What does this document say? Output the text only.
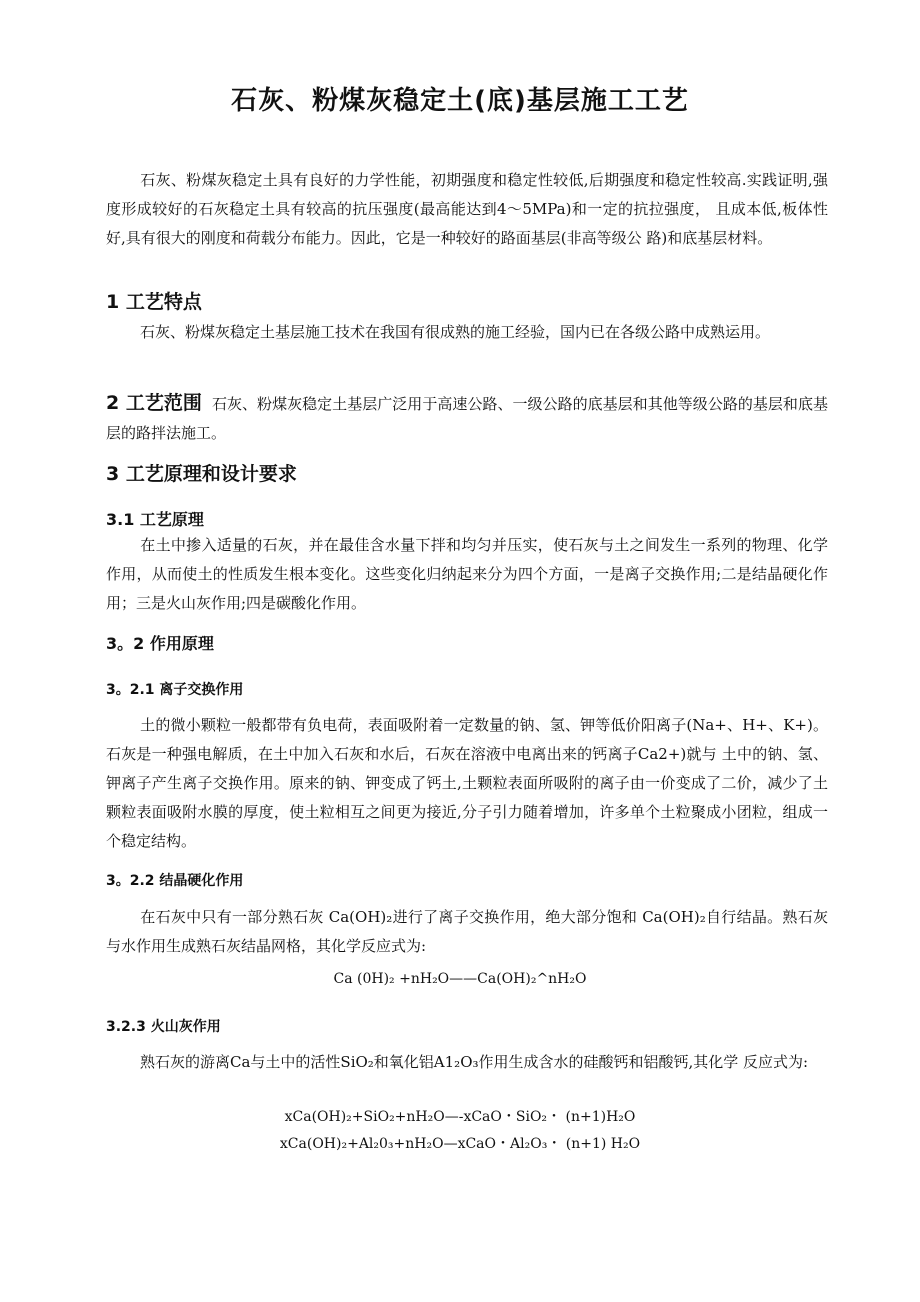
石灰、粉煤灰稳定土(底)基层施工工艺

石灰、粉煤灰稳定土具有良好的力学性能，初期强度和稳定性较低,后期强度和稳定性较高.实践证明,强度形成较好的石灰稳定土具有较高的抗压强度(最高能达到4〜5MPa)和一定的抗拉强度， 且成本低,板体性好,具有很大的刚度和荷载分布能力。因此，它是一种较好的路面基层(非高等级公 路)和底基层材料。

1 工艺特点

石灰、粉煤灰稳定土基层施工技术在我国有很成熟的施工经验，国内已在各级公路中成熟运用。

2 工艺范围 石灰、粉煤灰稳定土基层广泛用于高速公路、一级公路的底基层和其他等级公路的基层和底基 层的路拌法施工。

3 工艺原理和设计要求
3.1 工艺原理

在土中掺入适量的石灰，并在最佳含水量下拌和均匀并压实，使石灰与土之间发生一系列的物理、化学作用，从而使土的性质发生根本变化。这些变化归纳起来分为四个方面，一是离子交换作用;二是结晶硬化作用；三是火山灰作用;四是碳酸化作用。

3。2 作用原理
3。2.1 离子交换作用

土的微小颗粒一般都带有负电荷，表面吸附着一定数量的钠、氢、钾等低价阳离子(Na+、H+、K+)。石灰是一种强电解质，在土中加入石灰和水后，石灰在溶液中电离出来的钙离子Ca2+)就与 土中的钠、氢、钾离子产生离子交换作用。原来的钠、钾变成了钙土,土颗粒表面所吸附的离子由一价变成了二价，减少了土颗粒表面吸附水膜的厚度，使土粒相互之间更为接近,分子引力随着增加，许多单个土粒聚成小团粒，组成一个稳定结构。

3。2.2 结晶硬化作用

在石灰中只有一部分熟石灰 Ca(OH)₂进行了离子交换作用，绝大部分饱和 Ca(OH)₂自行结晶。熟石灰与水作用生成熟石灰结晶网格，其化学反应式为:

Ca (0H)₂ +nH₂O——Ca(OH)₂^nH₂O

3.2.3 火山灰作用

熟石灰的游离Ca与土中的活性SiO₂和氧化铝A1₂O₃作用生成含水的硅酸钙和铝酸钙,其化学 反应式为:

xCa(OH)₂+SiO₂+nH₂O—-xCaO・SiO₂・ (n+1)H₂O

xCa(OH)₂+Al₂0₃+nH₂O—xCaO・Al₂O₃・ (n+1) H₂O
